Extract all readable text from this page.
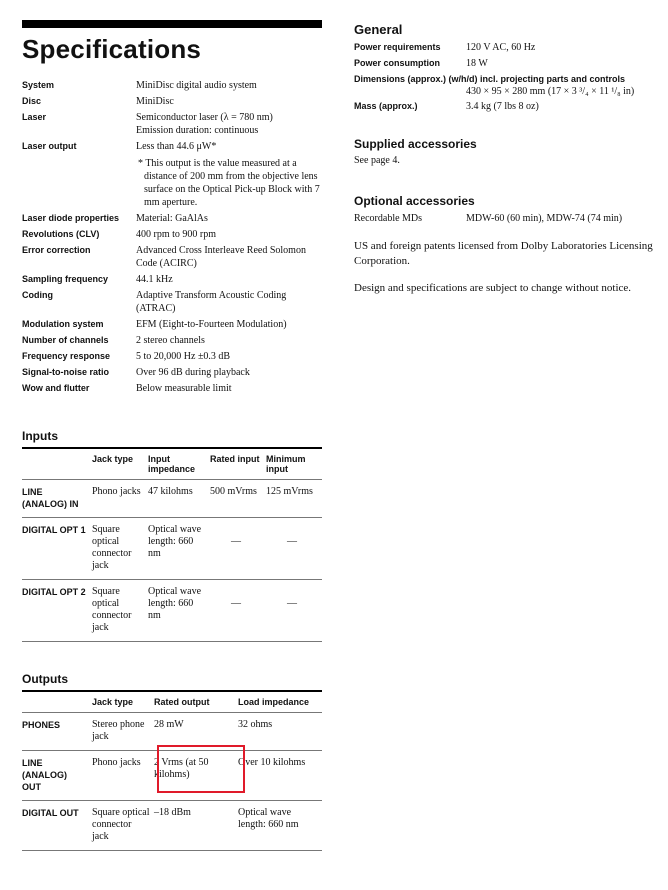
Specifications
System	MiniDisc digital audio system
Disc	MiniDisc
Laser	Semiconductor laser (λ = 780 nm)
Emission duration: continuous
Laser output	Less than 44.6 μW*
* This output is the value measured at a distance of 200 mm from the objective lens surface on the Optical Pick-up Block with 7 mm aperture.
Laser diode properties	Material: GaAlAs
Revolutions (CLV)	400 rpm to 900 rpm
Error correction	Advanced Cross Interleave Reed Solomon Code (ACIRC)
Sampling frequency	44.1 kHz
Coding	Adaptive Transform Acoustic Coding (ATRAC)
Modulation system	EFM (Eight-to-Fourteen Modulation)
Number of channels	2 stereo channels
Frequency response	5 to 20,000 Hz ±0.3 dB
Signal-to-noise ratio	Over 96 dB during playback
Wow and flutter	Below measurable limit
Inputs
	Jack type	Input impedance	Rated input	Minimum input
LINE (ANALOG) IN	Phono jacks	47 kilohms	500 mVrms	125 mVrms
DIGITAL OPT 1	Square optical connector jack	Optical wave length: 660 nm	—	—
DIGITAL OPT 2	Square optical connector jack	Optical wave length: 660 nm	—	—
Outputs
	Jack type	Rated output	Load impedance
PHONES	Stereo phone jack	28 mW	32 ohms
LINE (ANALOG) OUT	Phono jacks	2 Vrms (at 50 kilohms)	Over 10 kilohms
DIGITAL OUT	Square optical connector jack	–18 dBm	Optical wave length: 660 nm
General
Power requirements	120 V AC, 60 Hz
Power consumption	18 W
Dimensions (approx.) (w/h/d) incl. projecting parts and controls
430 × 95 × 280 mm (17 × 3 ³/₄ × 11 ¹/₈ in)
Mass (approx.)	3.4 kg (7 lbs 8 oz)
Supplied accessories
See page 4.
Optional accessories
Recordable MDs	MDW-60 (60 min), MDW-74 (74 min)

US and foreign patents licensed from Dolby Laboratories Licensing Corporation.

Design and specifications are subject to change without notice.
